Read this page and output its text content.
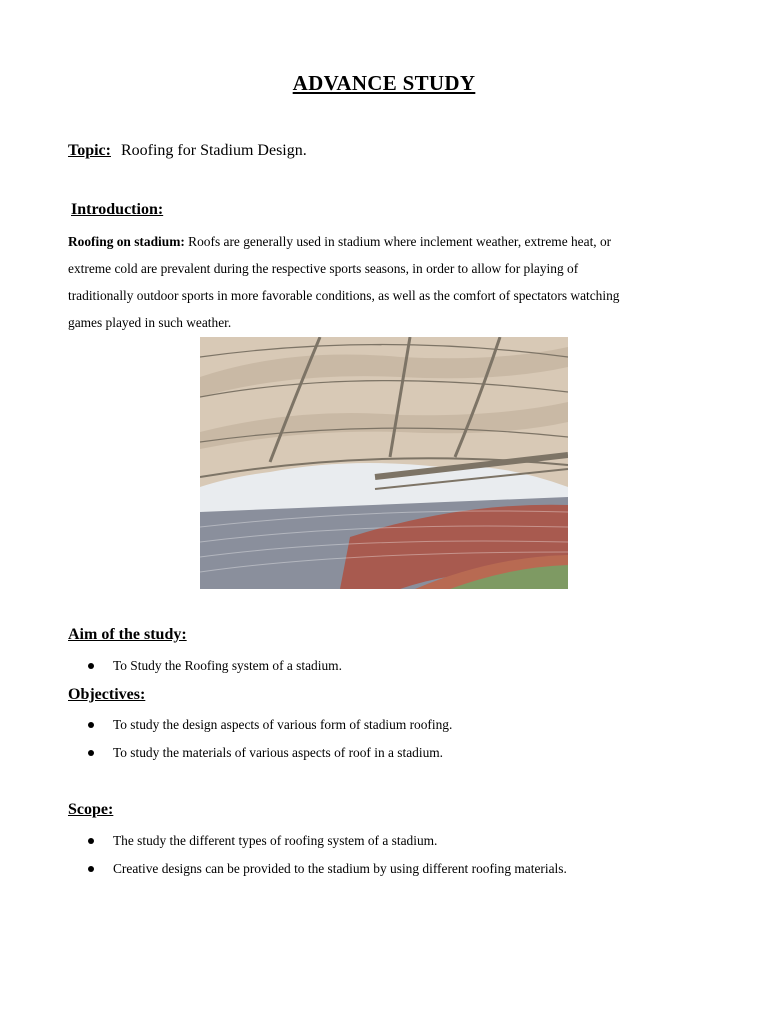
ADVANCE STUDY
Topic: Roofing for Stadium Design.
Introduction:
Roofing on stadium: Roofs are generally used in stadium where inclement weather, extreme heat, or
extreme cold are prevalent during the respective sports seasons, in order to allow for playing of
traditionally outdoor sports in more favorable conditions, as well as the comfort of spectators watching
games played in such weather.
Aim of the study:
To Study the Roofing system of a stadium.
Objectives:
To study the design aspects of various form of stadium roofing.
To study the materials of various aspects of roof in a stadium.
Scope:
The study the different types of roofing system of a stadium.
Creative designs can be provided to the stadium by using different roofing materials.
